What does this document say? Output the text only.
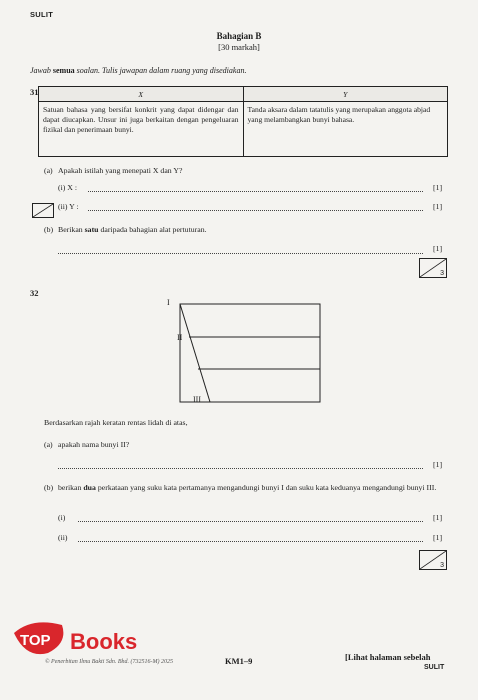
SULIT
Bahagian B
[30 markah]
Jawab semua soalan. Tulis jawapan dalam ruang yang disediakan.
31	X	Y
Satuan bahasa yang bersifat konkrit yang dapat didengar dan dapat diucapkan. Unsur ini juga berkaitan dengan pengeluaran fizikal dan penerimaan bunyi.	Tanda aksara dalam tatatulis yang merupakan anggota abjad yang melambangkan bunyi bahasa.
(a) Apakah istilah yang menepati X dan Y?
(i) X :	[1]
(ii) Y :	[1]
(b) Berikan satu daripada bahagian alat pertuturan.
[1]
3
32
I
II
III
Berdasarkan rajah keratan rentas lidah di atas,
(a) apakah nama bunyi II?
[1]
(b) berikan dua perkataan yang suku kata pertamanya mengandungi bunyi I dan suku kata keduanya mengandungi bunyi III.
(i)	[1]
(ii)	[1]
3
TOP Books
© Penerbitan Ilmu Bakti Sdn. Bhd. (732516-M) 2025	KM1–9	[Lihat halaman sebelah
SULIT
